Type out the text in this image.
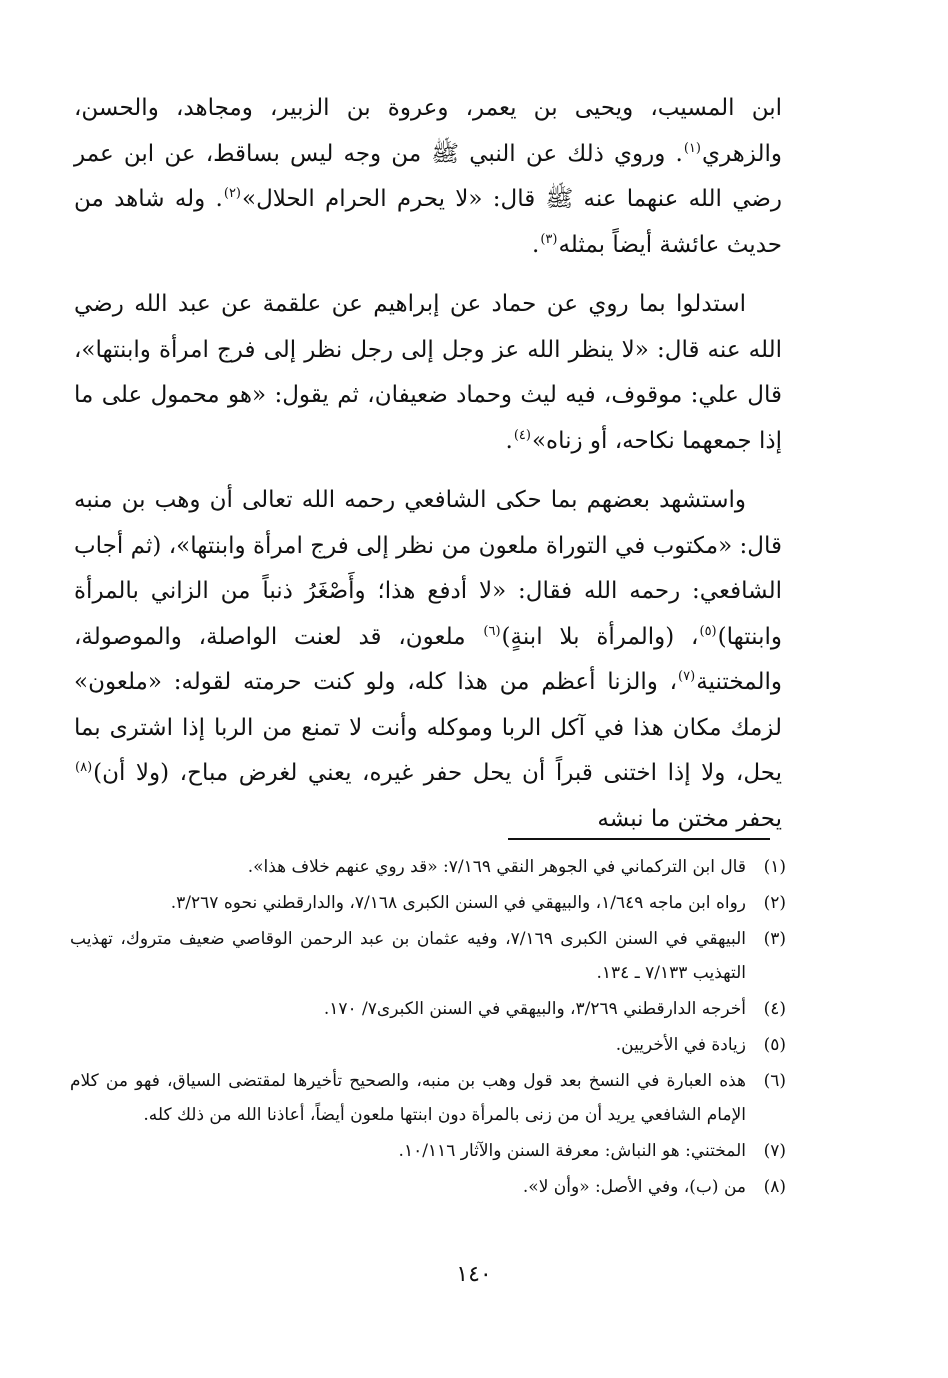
ابن المسيب، ويحيى بن يعمر، وعروة بن الزبير، ومجاهد، والحسن، والزهري$^{(١)}$. وروي ذلك عن النبي ﷺ من وجه ليس بساقط، عن ابن عمر رضي الله عنهما عنه ﷺ قال: «لا يحرم الحرام الحلال»$^{(٢)}$. وله شاهد من حديث عائشة أيضاً بمثله$^{(٣)}$.

استدلوا بما روي عن حماد عن إبراهيم عن علقمة عن عبد الله رضي الله عنه قال: «لا ينظر الله عز وجل إلى رجل نظر إلى فرج امرأة وابنتها»، قال علي: موقوف، فيه ليث وحماد ضعيفان، ثم يقول: «هو محمول على ما إذا جمعهما نكاحه، أو زناه»$^{(٤)}$.

واستشهد بعضهم بما حكى الشافعي رحمه الله تعالى أن وهب بن منبه قال: «مكتوب في التوراة ملعون من نظر إلى فرج امرأة وابنتها»، (ثم أجاب الشافعي: رحمه الله فقال: «لا أدفع هذا؛ وأَصْغَرُ ذنباً من الزاني بالمرأة وابنتها)$^{(٥)}$، (والمرأة بلا ابنةٍ)$^{(٦)}$ ملعون، قد لعنت الواصلة، والموصولة، والمختنية$^{(٧)}$، والزنا أعظم من هذا كله، ولو كنت حرمته لقوله: «ملعون» لزمك مكان هذا في آكل الربا وموكله وأنت لا تمنع من الربا إذا اشترى بما يحل، ولا إذا اختنى قبراً أن يحل حفر غيره، يعني لغرض مباح، (ولا أن)$^{(٨)}$ يحفر مختن ما نبشه

(١)
قال ابن التركماني في الجوهر النقي ٧/١٦٩: «قد روي عنهم خلاف هذا».
(٢)
رواه ابن ماجه ١/٦٤٩، والبيهقي في السنن الكبرى ٧/١٦٨، والدارقطني نحوه ٣/٢٦٧.
(٣)
البيهقي في السنن الكبرى ٧/١٦٩، وفيه عثمان بن عبد الرحمن الوقاصي ضعيف متروك، تهذيب التهذيب ٧/١٣٣ ـ ١٣٤.
(٤)
أخرجه الدارقطني ٣/٢٦٩، والبيهقي في السنن الكبرى٧/ ١٧٠.
(٥)
زيادة في الأخريين.
(٦)
هذه العبارة في النسخ بعد قول وهب بن منبه، والصحيح تأخيرها لمقتضى السياق، فهو من كلام الإمام الشافعي يريد أن من زنى بالمرأة دون ابنتها ملعون أيضاً، أعاذنا الله من ذلك كله.
(٧)
المختني: هو النباش: معرفة السنن والآثار ١٠/١١٦.
(٨)
من (ب)، وفي الأصل: «وأن لا».
١٤٠
